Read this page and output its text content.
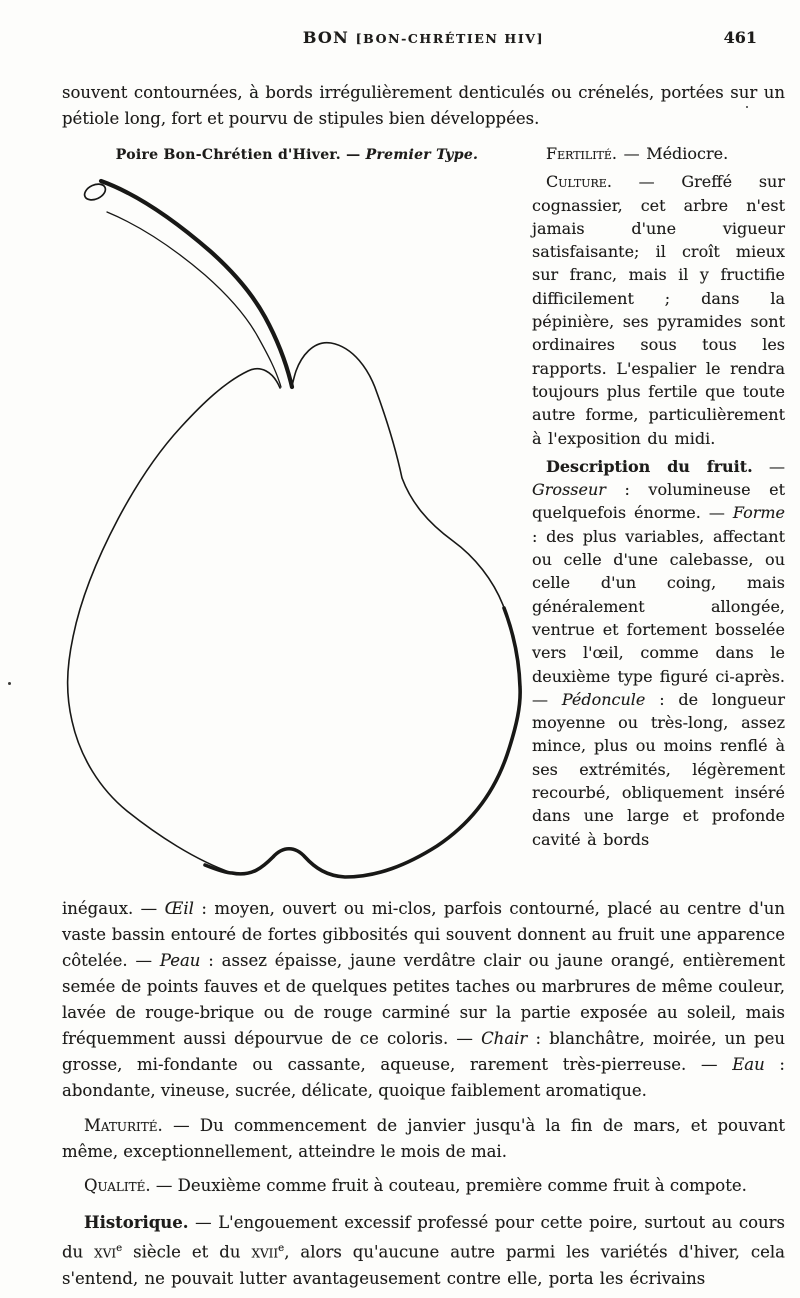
BON [BON-CHRÉTIEN HIV]	461

souvent contournées, à bords irrégulièrement denticulés ou crénelés, portées sur un pétiole long, fort et pourvu de stipules bien développées.

Poire Bon-Chrétien d'Hiver. — Premier Type.	Fertilité. — Médiocre.

Culture. — Greffé sur cognassier, cet arbre n'est jamais d'une vigueur satisfaisante; il croît mieux sur franc, mais il y fructifie difficilement ; dans la pépinière, ses pyramides sont ordinaires sous tous les rapports. L'espalier le rendra toujours plus fertile que toute autre forme, particulièrement à l'exposition du midi.

Description du fruit. — Grosseur : volumineuse et quelquefois énorme. — Forme : des plus variables, affectant ou celle d'une calebasse, ou celle d'un coing, mais généralement allongée, ventrue et fortement bosselée vers l'œil, comme dans le deuxième type figuré ci-après. — Pédoncule : de longueur moyenne ou très-long, assez mince, plus ou moins renflé à ses extrémités, légèrement recourbé, obliquement inséré dans une large et profonde cavité à bords

inégaux. — Œil : moyen, ouvert ou mi-clos, parfois contourné, placé au centre d'un vaste bassin entouré de fortes gibbosités qui souvent donnent au fruit une apparence côtelée. — Peau : assez épaisse, jaune verdâtre clair ou jaune orangé, entièrement semée de points fauves et de quelques petites taches ou marbrures de même couleur, lavée de rouge-brique ou de rouge carminé sur la partie exposée au soleil, mais fréquemment aussi dépourvue de ce coloris. — Chair : blanchâtre, moirée, un peu grosse, mi-fondante ou cassante, aqueuse, rarement très-pierreuse. — Eau : abondante, vineuse, sucrée, délicate, quoique faiblement aromatique.

Maturité. — Du commencement de janvier jusqu'à la fin de mars, et pouvant même, exceptionnellement, atteindre le mois de mai.

Qualité. — Deuxième comme fruit à couteau, première comme fruit à compote.

Historique. — L'engouement excessif professé pour cette poire, surtout au cours du xvi$^e$ siècle et du xvii$^e$, alors qu'aucune autre parmi les variétés d'hiver, cela s'entend, ne pouvait lutter avantageusement contre elle, porta les écrivains
